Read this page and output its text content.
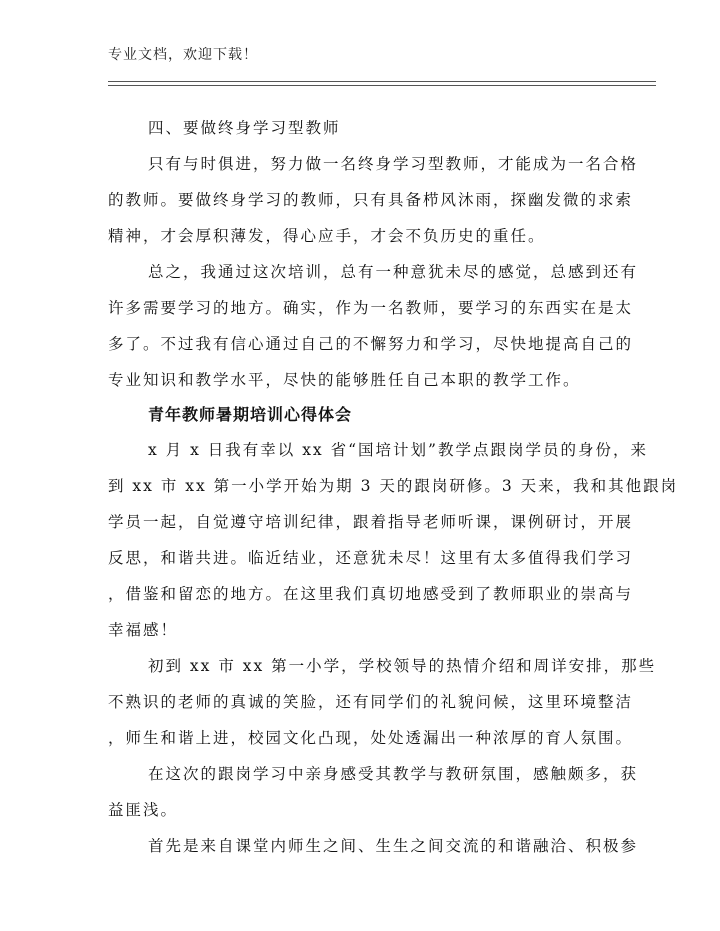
专业文档，欢迎下载！
四、要做终身学习型教师
只有与时俱进，努力做一名终身学习型教师，才能成为一名合格
的教师。要做终身学习的教师，只有具备栉风沐雨，探幽发微的求索
精神，才会厚积薄发，得心应手，才会不负历史的重任。
总之，我通过这次培训，总有一种意犹未尽的感觉，总感到还有
许多需要学习的地方。确实，作为一名教师，要学习的东西实在是太
多了。不过我有信心通过自己的不懈努力和学习，尽快地提高自己的
专业知识和教学水平，尽快的能够胜任自己本职的教学工作。
青年教师暑期培训心得体会
x 月 x 日我有幸以 xx 省“国培计划”教学点跟岗学员的身份，来
到 xx 市 xx 第一小学开始为期 3 天的跟岗研修。3 天来，我和其他跟岗
学员一起，自觉遵守培训纪律，跟着指导老师听课，课例研讨，开展
反思，和谐共进。临近结业，还意犹未尽！这里有太多值得我们学习
，借鉴和留恋的地方。在这里我们真切地感受到了教师职业的崇高与
幸福感！
初到 xx 市 xx 第一小学，学校领导的热情介绍和周详安排，那些
不熟识的老师的真诚的笑脸，还有同学们的礼貌问候，这里环境整洁
，师生和谐上进，校园文化凸现，处处透漏出一种浓厚的育人氛围。
在这次的跟岗学习中亲身感受其教学与教研氛围，感触颇多，获
益匪浅。
首先是来自课堂内师生之间、生生之间交流的和谐融洽、积极参
